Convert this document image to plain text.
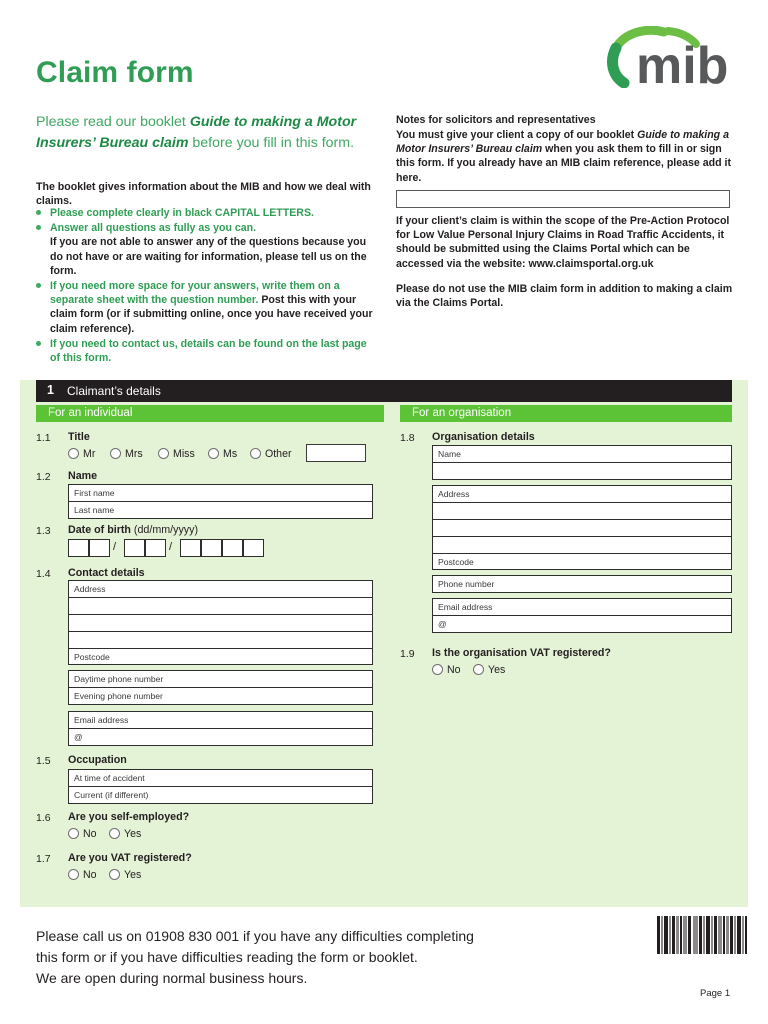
mib
Claim form
Please read our booklet Guide to making a Motor Insurers’ Bureau claim before you fill in this form.
The booklet gives information about the MIB and how we deal with claims.

Please complete clearly in black CAPITAL LETTERS.

Answer all questions as fully as you can.

If you are not able to answer any of the questions because you do not have or are waiting for information, please tell us on the form.

If you need more space for your answers, write them on a separate sheet with the question number. Post this with your claim form (or if submitting online, once you have received your claim reference).

If you need to contact us, details can be found on the last page of this form.

Notes for solicitors and representatives

You must give your client a copy of our booklet Guide to making a Motor Insurers’ Bureau claim when you ask them to fill in or sign this form. If you already have an MIB claim reference, please add it here.

If your client’s claim is within the scope of the Pre-Action Protocol for Low Value Personal Injury Claims in Road Traffic Accidents, it should be submitted using the Claims Portal which can be accessed via the website: www.claimsportal.org.uk

Please do not use the MIB claim form in addition to making a claim via the Claims Portal.

1 Claimant’s details
For an individual	For an organisation
1.1 Title
Mr	Mrs	Miss	Ms	Other
1.2 Name
First name
Last name
1.3 Date of birth (dd/mm/yyyy)
/	/
1.4 Contact details
Address
Postcode
Daytime phone number
Evening phone number
Email address
@
1.5 Occupation
At time of accident
Current (if different)
1.6 Are you self-employed?
No	Yes
1.7 Are you VAT registered?
No	Yes
1.8 Organisation details
Name
Address
Postcode
Phone number
Email address
@
1.9 Is the organisation VAT registered?
No	Yes
Please call us on 01908 830 001 if you have any difficulties completing
this form or if you have difficulties reading the form or booklet.
We are open during normal business hours.
Page 1
